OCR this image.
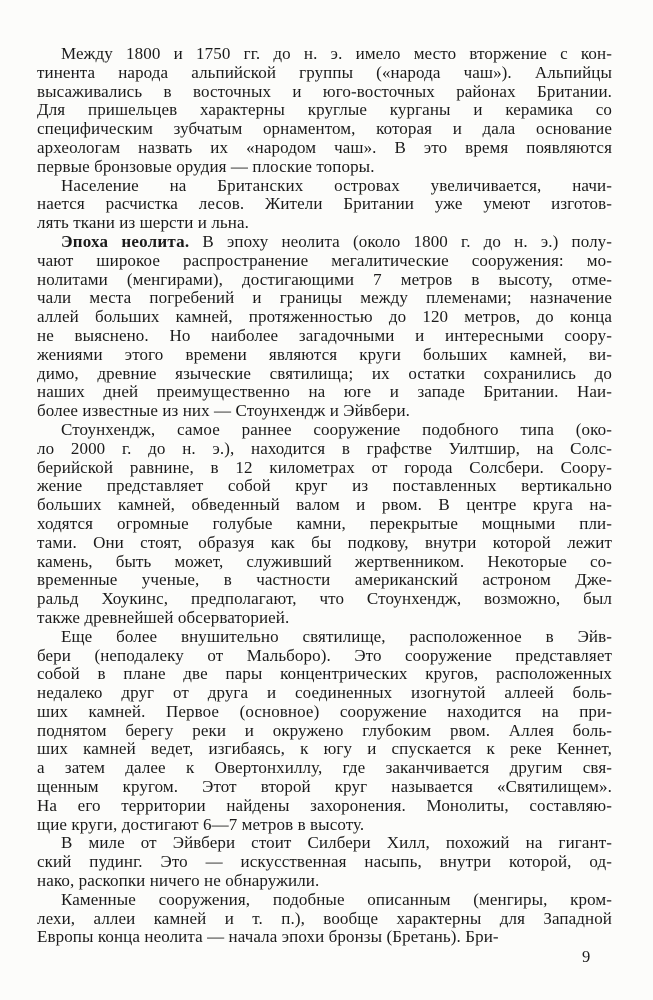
Между 1800 и 1750 гг. до н. э. имело место вторжение с кон-
тинента народа альпийской группы («народа чаш»). Альпийцы
высаживались в восточных и юго-восточных районах Британии.
Для пришельцев характерны круглые курганы и керамика со
специфическим зубчатым орнаментом, которая и дала основание
археологам назвать их «народом чаш». В это время появляются
первые бронзовые орудия — плоские топоры.
Население на Британских островах увеличивается, начи-
нается расчистка лесов. Жители Британии уже умеют изготов-
лять ткани из шерсти и льна.
Эпоха неолита. В эпоху неолита (около 1800 г. до н. э.) полу-
чают широкое распространение мегалитические сооружения: мо-
нолитами (менгирами), достигающими 7 метров в высоту, отме-
чали места погребений и границы между племенами; назначение
аллей больших камней, протяженностью до 120 метров, до конца
не выяснено. Но наиболее загадочными и интересными соору-
жениями этого времени являются круги больших камней, ви-
димо, древние языческие святилища; их остатки сохранились до
наших дней преимущественно на юге и западе Британии. Наи-
более известные из них — Стоунхендж и Эйвбери.
Стоунхендж, самое раннее сооружение подобного типа (око-
ло 2000 г. до н. э.), находится в графстве Уилтшир, на Солс-
берийской равнине, в 12 километрах от города Солсбери. Соору-
жение представляет собой круг из поставленных вертикально
больших камней, обведенный валом и рвом. В центре круга на-
ходятся огромные голубые камни, перекрытые мощными пли-
тами. Они стоят, образуя как бы подкову, внутри которой лежит
камень, быть может, служивший жертвенником. Некоторые со-
временные ученые, в частности американский астроном Дже-
ральд Хоукинс, предполагают, что Стоунхендж, возможно, был
также древнейшей обсерваторией.
Еще более внушительно святилище, расположенное в Эйв-
бери (неподалеку от Мальборо). Это сооружение представляет
собой в плане две пары концентрических кругов, расположенных
недалеко друг от друга и соединенных изогнутой аллеей боль-
ших камней. Первое (основное) сооружение находится на при-
поднятом берегу реки и окружено глубоким рвом. Аллея боль-
ших камней ведет, изгибаясь, к югу и спускается к реке Кеннет,
а затем далее к Овертонхиллу, где заканчивается другим свя-
щенным кругом. Этот второй круг называется «Святилищем».
На его территории найдены захоронения. Монолиты, составляю-
щие круги, достигают 6—7 метров в высоту.
В миле от Эйвбери стоит Силбери Хилл, похожий на гигант-
ский пудинг. Это — искусственная насыпь, внутри которой, од-
нако, раскопки ничего не обнаружили.
Каменные сооружения, подобные описанным (менгиры, кром-
лехи, аллеи камней и т. п.), вообще характерны для Западной
Европы конца неолита — начала эпохи бронзы (Бретань). Бри-
9
